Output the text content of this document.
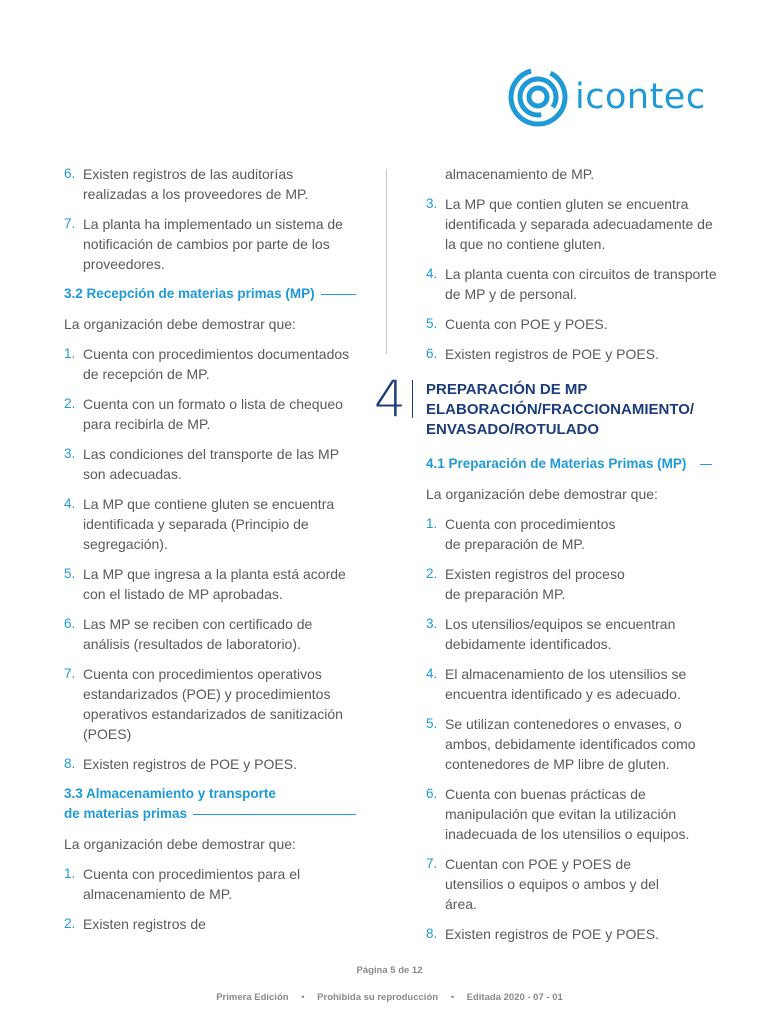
icontec
6. Existen registros de las auditorías realizadas a los proveedores de MP.
7. La planta ha implementado un sistema de notificación de cambios por parte de los proveedores.
3.2 Recepción de materias primas (MP)

La organización debe demostrar que:

1. Cuenta con procedimientos documentados de recepción de MP.
2. Cuenta con un formato o lista de chequeo para recibirla de MP.
3. Las condiciones del transporte de las MP son adecuadas.
4. La MP que contiene gluten se encuentra identificada y separada (Principio de segregación).
5. La MP que ingresa a la planta está acorde con el listado de MP aprobadas.
6. Las MP se reciben con certificado de análisis (resultados de laboratorio).
7. Cuenta con procedimientos operativos estandarizados (POE) y procedimientos operativos estandarizados de sanitización (POES)
8. Existen registros de POE y POES.
3.3 Almacenamiento y transporte
de materias primas

La organización debe demostrar que:

1. Cuenta con procedimientos para el almacenamiento de MP.
2. Existen registros de
almacenamiento de MP.
3. La MP que contien gluten se encuentra identificada y separada adecuadamente de la que no contiene gluten.
4. La planta cuenta con circuitos de transporte de MP y de personal.
5. Cuenta con POE y POES.
6. Existen registros de POE y POES.
4 PREPARACIÓN DE MP
ELABORACIÓN/FRACCIONAMIENTO/
ENVASADO/ROTULADO
4.1 Preparación de Materias Primas (MP)

La organización debe demostrar que:

1. Cuenta con procedimientos de preparación de MP.
2. Existen registros del proceso de preparación MP.
3. Los utensilios/equipos se encuentran debidamente identificados.
4. El almacenamiento de los utensilios se encuentra identificado y es adecuado.
5. Se utilizan contenedores o envases, o ambos, debidamente identificados como contenedores de MP libre de gluten.
6. Cuenta con buenas prácticas de manipulación que evitan la utilización inadecuada de los utensilios o equipos.
7. Cuentan con POE y POES de utensilios o equipos o ambos y del área.
8. Existen registros de POE y POES.
Página 5 de 12
Primera Edición • Prohibida su reproducción • Editada 2020 - 07 - 01
